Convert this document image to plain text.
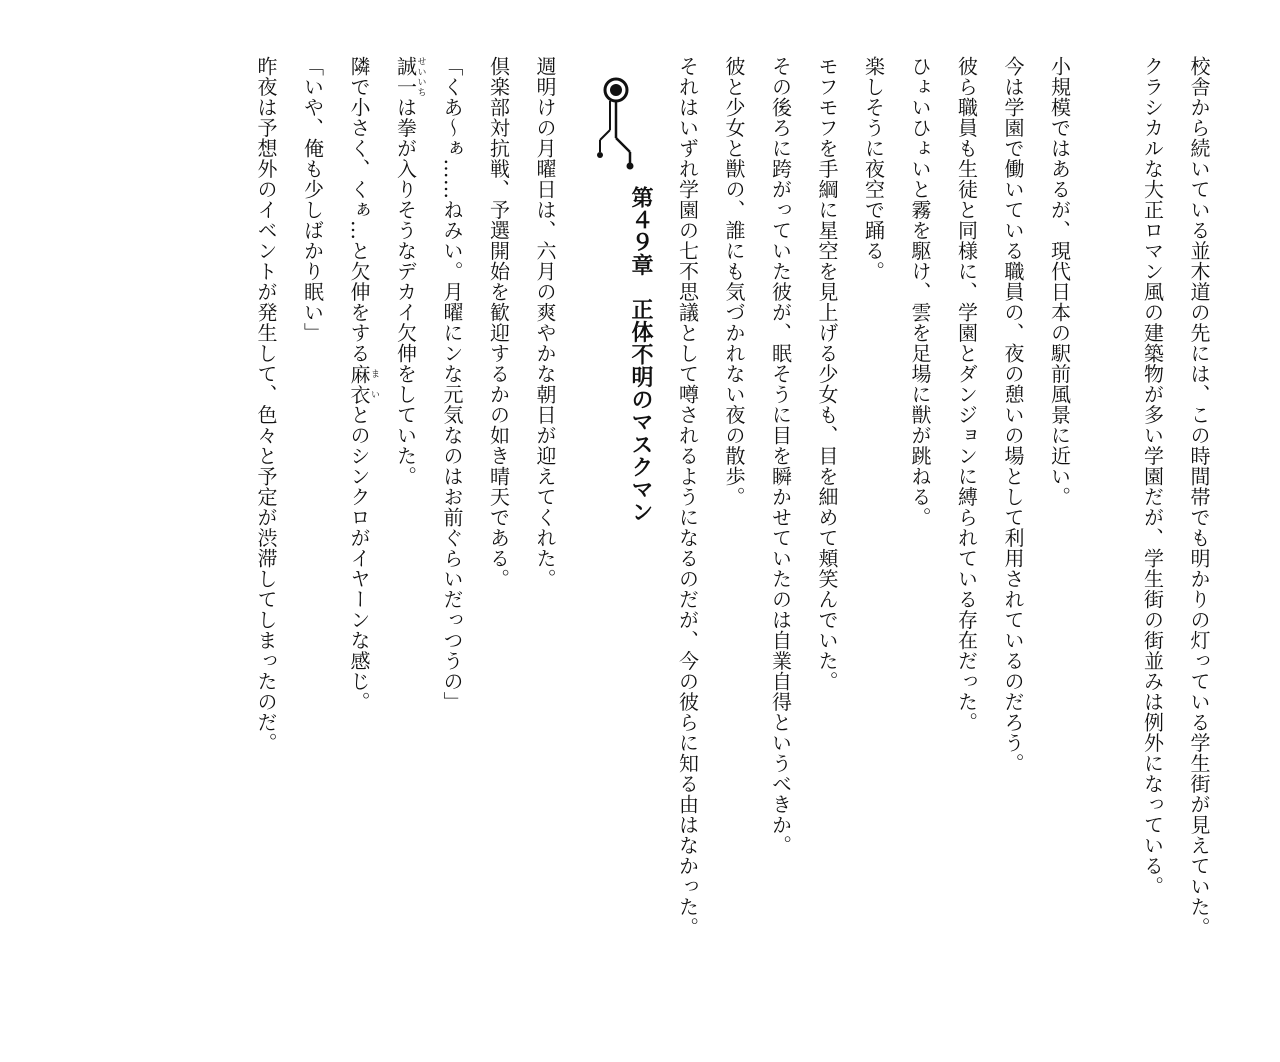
校舎から続いている並木道の先には、この時間帯でも明かりの灯っている学生街が見えていた。

クラシカルな大正ロマン風の建築物が多い学園だが、学生街の街並みは例外になっている。

小規模ではあるが、現代日本の駅前風景に近い。

今は学園で働いている職員の、夜の憩いの場として利用されているのだろう。

彼ら職員も生徒と同様に、学園とダンジョンに縛られている存在だった。

ひょいひょいと霧を駆け、雲を足場に獣が跳ねる。

楽しそうに夜空で踊る。

モフモフを手綱に星空を見上げる少女も、目を細めて頬笑んでいた。

その後ろに跨がっていた彼が、眠そうに目を瞬かせていたのは自業自得というべきか。

彼と少女と獣の、誰にも気づかれない夜の散歩。

それはいずれ学園の七不思議として噂されるようになるのだが、今の彼らに知る由はなかった。

第４９章正体不明のマスクマン

週明けの月曜日は、六月の爽やかな朝日が迎えてくれた。

倶楽部対抗戦、予選開始を歓迎するかの如き晴天である。

「くあ～ぁ……ねみい。月曜にンな元気なのはお前ぐらいだっつうの」

誠一せいいちは拳が入りそうなデカイ欠伸をしていた。

隣で小さく、くぁ…と欠伸をする麻衣まいとのシンクロがイヤーンな感じ。

「いや、俺も少しばかり眠い」

昨夜は予想外のイベントが発生して、色々と予定が渋滞してしまったのだ。
